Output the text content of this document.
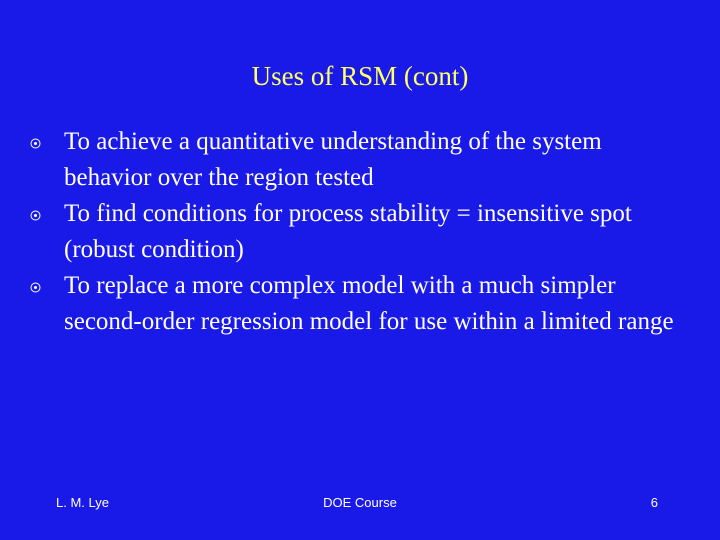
Uses of RSM (cont)
To achieve a quantitative understanding of the system behavior over the region tested
To find conditions for process stability = insensitive spot (robust condition)
To replace a more complex model with a much simpler second-order regression model for use within a limited range
L. M. Lye	DOE Course	6
